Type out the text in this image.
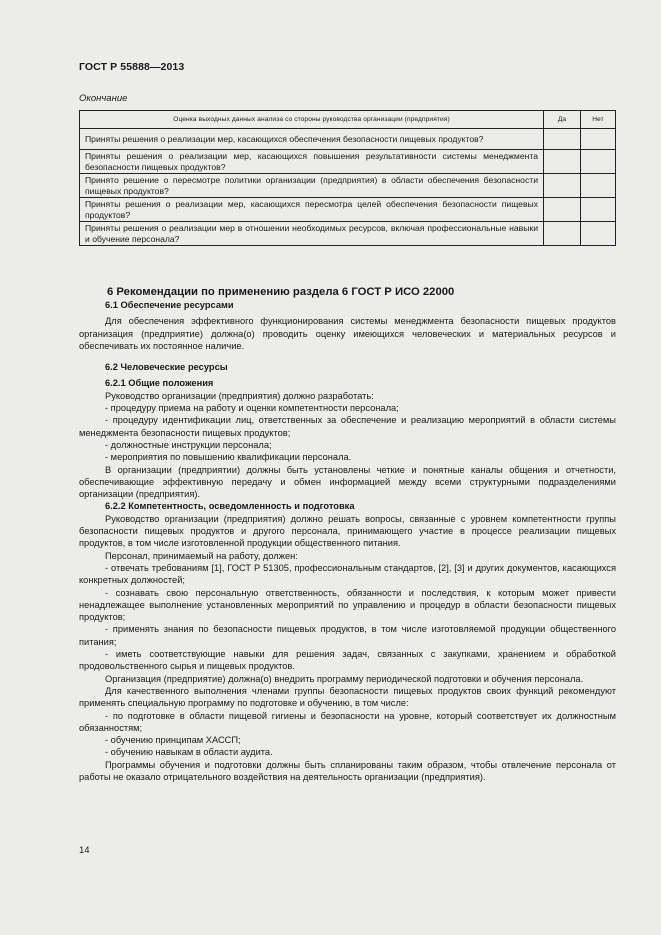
ГОСТ Р 55888—2013
Окончание
Оценка выходных данных анализа со стороны руководства организации (предприятия)	Да	Нет
Приняты решения о реализации мер, касающихся обеспечения безопасности пищевых продуктов?		
Приняты решения о реализации мер, касающихся повышения результативности системы менеджмента безопасности пищевых продуктов?		
Принято решение о пересмотре политики организации (предприятия) в области обеспечения безопасности пищевых продуктов?		
Приняты решения о реализации мер, касающихся пересмотра целей обеспечения безопасности пищевых продуктов?		
Приняты решения о реализации мер в отношении необходимых ресурсов, включая профессиональные навыки и обучение персонала?		

6 Рекомендации по применению раздела 6 ГОСТ Р ИСО 22000

6.1 Обеспечение ресурсами

Для обеспечения эффективного функционирования системы менеджмента безопасности пищевых продуктов организация (предприятие) должна(о) проводить оценку имеющихся человеческих и материальных ресурсов и обеспечивать их постоянное наличие.

6.2 Человеческие ресурсы

6.2.1 Общие положения

Руководство организации (предприятия) должно разработать:

- процедуру приема на работу и оценки компетентности персонала;

- процедуру идентификации лиц, ответственных за обеспечение и реализацию мероприятий в области системы менеджмента безопасности пищевых продуктов;

- должностные инструкции персонала;

- мероприятия по повышению квалификации персонала.

В организации (предприятии) должны быть установлены четкие и понятные каналы общения и отчетности, обеспечивающие эффективную передачу и обмен информацией между всеми структурными подразделениями организации (предприятия).

6.2.2 Компетентность, осведомленность и подготовка

Руководство организации (предприятия) должно решать вопросы, связанные с уровнем компетентности группы безопасности пищевых продуктов и другого персонала, принимающего участие в процессе реализации пищевых продуктов, в том числе изготовленной продукции общественного питания.

Персонал, принимаемый на работу, должен:

- отвечать требованиям [1], ГОСТ Р 51305, профессиональным стандартов, [2], [3] и других документов, касающихся конкретных должностей;

- сознавать свою персональную ответственность, обязанности и последствия, к которым может привести ненадлежащее выполнение установленных мероприятий по управлению и процедур в области безопасности пищевых продуктов;

- применять знания по безопасности пищевых продуктов, в том числе изготовляемой продукции общественного питания;

- иметь соответствующие навыки для решения задач, связанных с закупками, хранением и обработкой продовольственного сырья и пищевых продуктов.

Организация (предприятие) должна(о) внедрить программу периодической подготовки и обучения персонала.

Для качественного выполнения членами группы безопасности пищевых продуктов своих функций рекомендуют применять специальную программу по подготовке и обучению, в том числе:

- по подготовке в области пищевой гигиены и безопасности на уровне, который соответствует их должностным обязанностям;

- обучению принципам ХАССП;

- обучению навыкам в области аудита.

Программы обучения и подготовки должны быть спланированы таким образом, чтобы отвлечение персонала от работы не оказало отрицательного воздействия на деятельность организации (предприятия).

14
